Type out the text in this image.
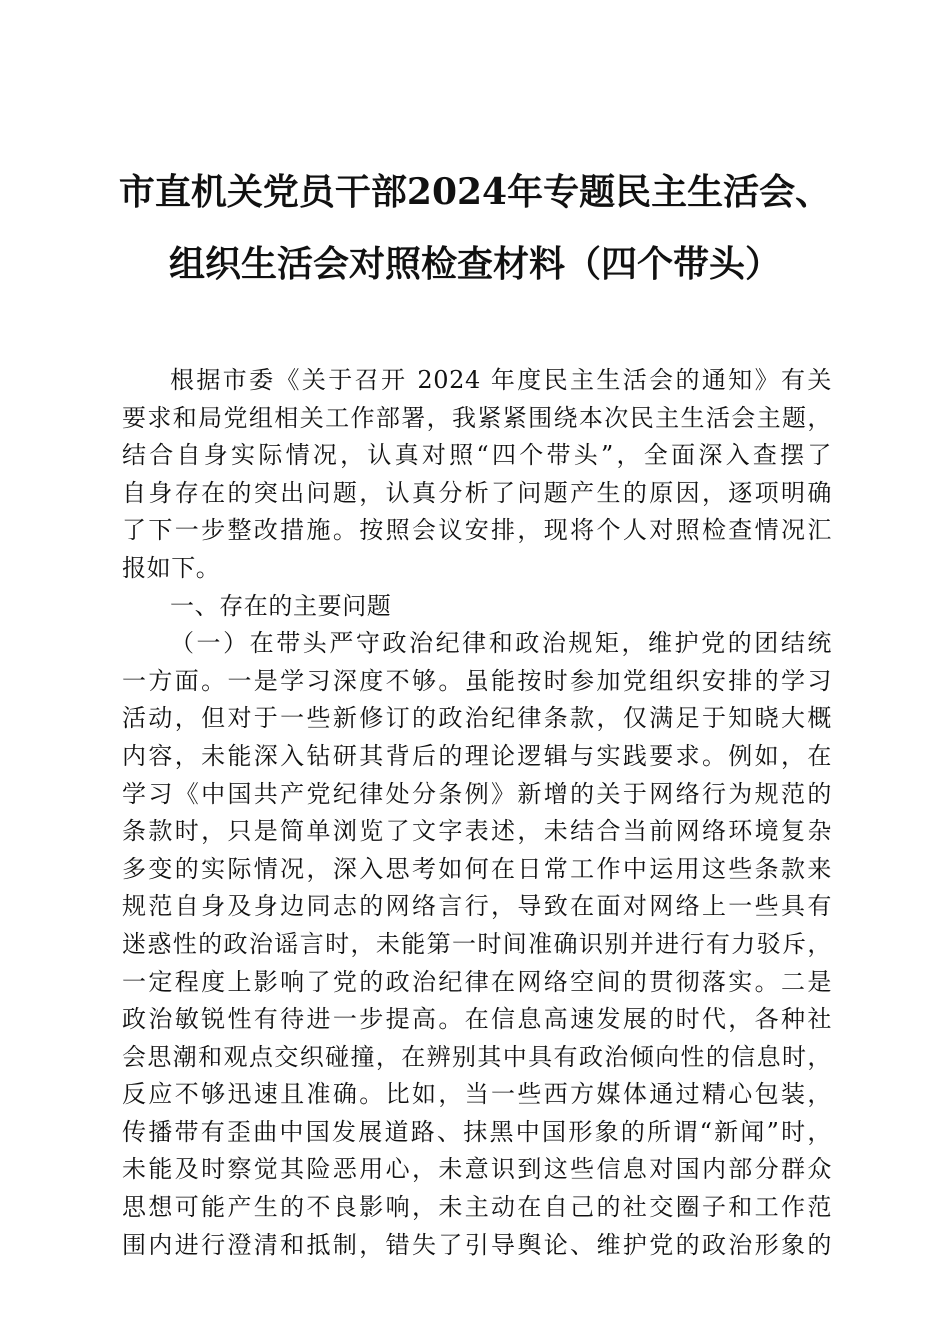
市直机关党员干部2024年专题民主生活会、
组织生活会对照检查材料（四个带头）
根据市委《关于召开 2024 年度民主生活会的通知》有关
要求和局党组相关工作部署，我紧紧围绕本次民主生活会主题，
结合自身实际情况，认真对照“四个带头”，全面深入查摆了
自身存在的突出问题，认真分析了问题产生的原因，逐项明确
了下一步整改措施。按照会议安排，现将个人对照检查情况汇
报如下。
一、存在的主要问题
（一）在带头严守政治纪律和政治规矩，维护党的团结统
一方面。一是学习深度不够。虽能按时参加党组织安排的学习
活动，但对于一些新修订的政治纪律条款，仅满足于知晓大概
内容，未能深入钻研其背后的理论逻辑与实践要求。例如，在
学习《中国共产党纪律处分条例》新增的关于网络行为规范的
条款时，只是简单浏览了文字表述，未结合当前网络环境复杂
多变的实际情况，深入思考如何在日常工作中运用这些条款来
规范自身及身边同志的网络言行，导致在面对网络上一些具有
迷惑性的政治谣言时，未能第一时间准确识别并进行有力驳斥，
一定程度上影响了党的政治纪律在网络空间的贯彻落实。二是
政治敏锐性有待进一步提高。在信息高速发展的时代，各种社
会思潮和观点交织碰撞，在辨别其中具有政治倾向性的信息时，
反应不够迅速且准确。比如，当一些西方媒体通过精心包装，
传播带有歪曲中国发展道路、抹黑中国形象的所谓“新闻”时，
未能及时察觉其险恶用心，未意识到这些信息对国内部分群众
思想可能产生的不良影响，未主动在自己的社交圈子和工作范
围内进行澄清和抵制，错失了引导舆论、维护党的政治形象的
